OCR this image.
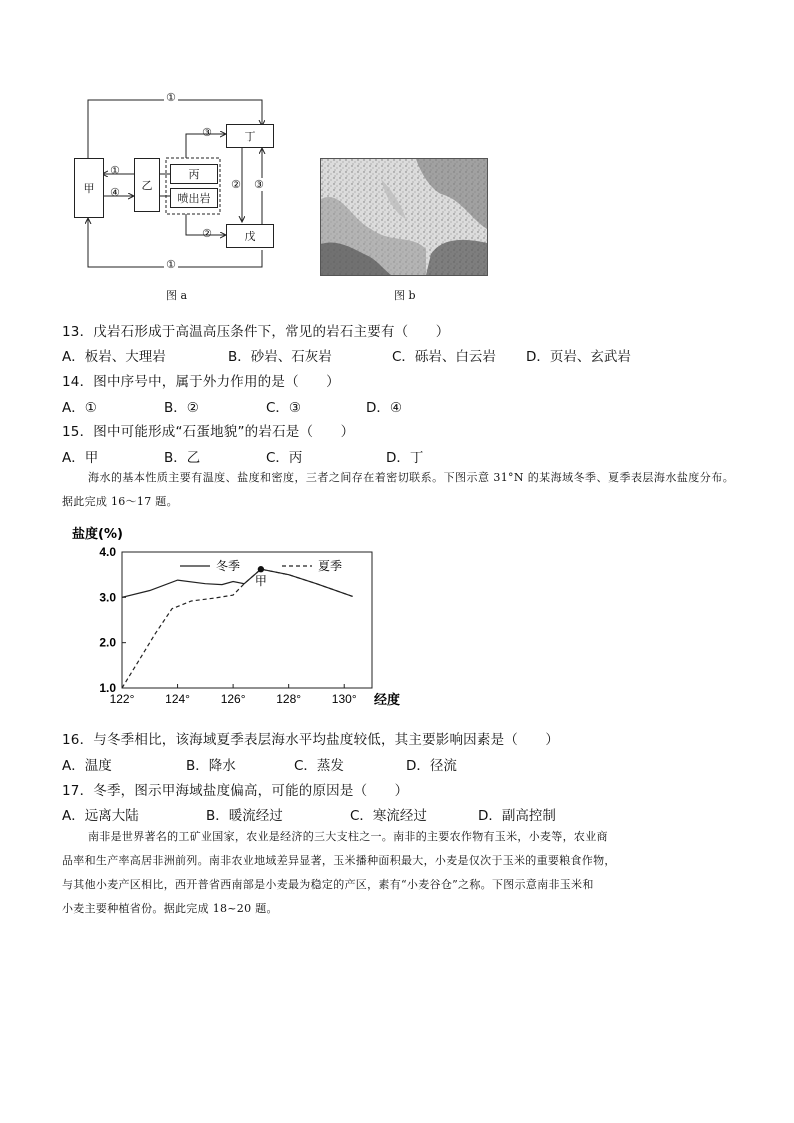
甲	乙
丙
喷出岩
丁
戊
①
①
①
④
③
② ③
②
图 a	图 b
13．戊岩石形成于高温高压条件下，常见的岩石主要有（　　）
A．板岩、大理岩	B．砂岩、石灰岩	C．砾岩、白云岩 D．页岩、玄武岩
14．图中序号中，属于外力作用的是（　　）
A．①	B．②	C．③	D．④
15．图中可能形成“石蛋地貌”的岩石是（　　）
A．甲	B．乙	C．丙	D．丁
海水的基本性质主要有温度、盐度和密度，三者之间存在着密切联系。下图示意 31°N 的某海域冬季、夏季表层海水盐度分布。据此完成 16～17 题。
1.0
2.0
3.0
4.0
122°	124°	126°	128°	130°
盐度(%)
经度
冬季	夏季
甲
16．与冬季相比，该海域夏季表层海水平均盐度较低，其主要影响因素是（　　）
A．温度	B．降水	C．蒸发	D．径流
17．冬季，图示甲海域盐度偏高，可能的原因是（　　）
A．远离大陆	B．暖流经过	C．寒流经过	D．副高控制
南非是世界著名的工矿业国家，农业是经济的三大支柱之一。南非的主要农作物有玉米，小麦等，农业商
品率和生产率高居非洲前列。南非农业地域差异显著，玉米播种面积最大，小麦是仅次于玉米的重要粮食作物，
与其他小麦产区相比，西开普省西南部是小麦最为稳定的产区，素有“小麦谷仓”之称。下图示意南非玉米和
小麦主要种植省份。据此完成 18~20 题。
